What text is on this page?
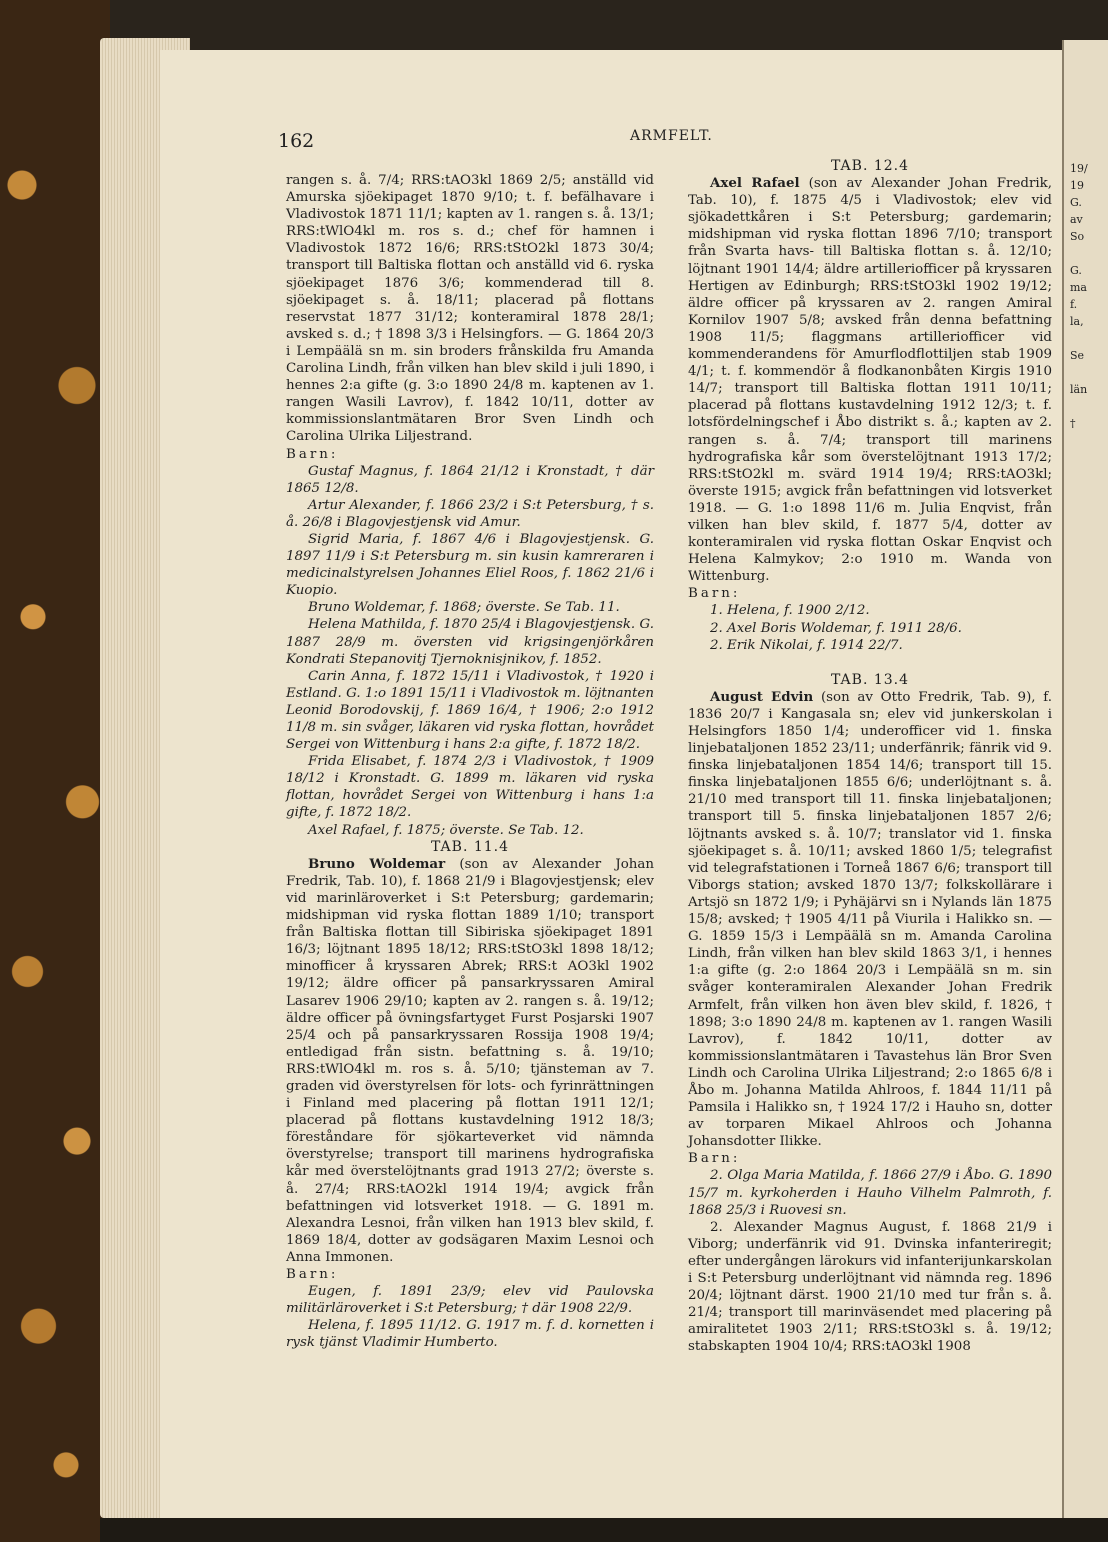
19/
19
G.
av
So

G.
ma
f.
la,

Se

län

†
162	ARMFELT.

rangen s. å. 7/4; RRS:tAO3kl 1869 2/5; anställd vid Amurska sjöekipaget 1870 9/10; t. f. befälhavare i Vladivostok 1871 11/1; kapten av 1. rangen s. å. 13/1; RRS:tWlO4kl m. ros s. d.; chef för hamnen i Vladivostok 1872 16/6; RRS:tStO2kl 1873 30/4; transport till Baltiska flottan och anställd vid 6. ryska sjöekipaget 1876 3/6; kommenderad till 8. sjöekipaget s. å. 18/11; placerad på flottans reservstat 1877 31/12; konteramiral 1878 28/1; avsked s. d.; † 1898 3/3 i Helsingfors. — G. 1864 20/3 i Lempäälä sn m. sin broders frånskilda fru Amanda Carolina Lindh, från vilken han blev skild i juli 1890, i hennes 2:a gifte (g. 3:o 1890 24/8 m. kaptenen av 1. rangen Wasili Lavrov), f. 1842 10/11, dotter av kommissionslantmätaren Bror Sven Lindh och Carolina Ulrika Liljestrand.

Barn:

Gustaf Magnus, f. 1864 21/12 i Kronstadt, † där 1865 12/8.

Artur Alexander, f. 1866 23/2 i S:t Petersburg, † s. å. 26/8 i Blagovjestjensk vid Amur.

Sigrid Maria, f. 1867 4/6 i Blagovjestjensk. G. 1897 11/9 i S:t Petersburg m. sin kusin kamreraren i medicinalstyrelsen Johannes Eliel Roos, f. 1862 21/6 i Kuopio.

Bruno Woldemar, f. 1868; överste. Se Tab. 11.

Helena Mathilda, f. 1870 25/4 i Blagovjestjensk. G. 1887 28/9 m. översten vid krigsingenjörkåren Kondrati Stepanovitj Tjernoknisjnikov, f. 1852.

Carin Anna, f. 1872 15/11 i Vladivostok, † 1920 i Estland. G. 1:o 1891 15/11 i Vladivostok m. löjtnanten Leonid Borodovskij, f. 1869 16/4, † 1906; 2:o 1912 11/8 m. sin svåger, läkaren vid ryska flottan, hovrådet Sergei von Wittenburg i hans 2:a gifte, f. 1872 18/2.

Frida Elisabet, f. 1874 2/3 i Vladivostok, † 1909 18/12 i Kronstadt. G. 1899 m. läkaren vid ryska flottan, hovrådet Sergei von Wittenburg i hans 1:a gifte, f. 1872 18/2.

Axel Rafael, f. 1875; överste. Se Tab. 12.

TAB. 11.4

Bruno Woldemar (son av Alexander Johan Fredrik, Tab. 10), f. 1868 21/9 i Blagovjestjensk; elev vid marinläroverket i S:t Petersburg; gardemarin; midshipman vid ryska flottan 1889 1/10; transport från Baltiska flottan till Sibiriska sjöekipaget 1891 16/3; löjtnant 1895 18/12; RRS:tStO3kl 1898 18/12; minofficer å kryssaren Abrek; RRS:t AO3kl 1902 19/12; äldre officer på pansarkryssaren Amiral Lasarev 1906 29/10; kapten av 2. rangen s. å. 19/12; äldre officer på övningsfartyget Furst Posjarski 1907 25/4 och på pansarkryssaren Rossija 1908 19/4; entledigad från sistn. befattning s. å. 19/10; RRS:tWlO4kl m. ros s. å. 5/10; tjänsteman av 7. graden vid överstyrelsen för lots- och fyrinrättningen i Finland med placering på flottan 1911 12/1; placerad på flottans kustavdelning 1912 18/3; föreståndare för sjökarteverket vid nämnda överstyrelse; transport till marinens hydrografiska kår med överstelöjtnants grad 1913 27/2; överste s. å. 27/4; RRS:tAO2kl 1914 19/4; avgick från befattningen vid lotsverket 1918. — G. 1891 m. Alexandra Lesnoi, från vilken han 1913 blev skild, f. 1869 18/4, dotter av godsägaren Maxim Lesnoi och Anna Immonen.

Barn:

Eugen, f. 1891 23/9; elev vid Paulovska militärläroverket i S:t Petersburg; † där 1908 22/9.

Helena, f. 1895 11/12. G. 1917 m. f. d. kornetten i rysk tjänst Vladimir Humberto.

TAB. 12.4

Axel Rafael (son av Alexander Johan Fredrik, Tab. 10), f. 1875 4/5 i Vladivostok; elev vid sjökadettkåren i S:t Petersburg; gardemarin; midshipman vid ryska flottan 1896 7/10; transport från Svarta havs- till Baltiska flottan s. å. 12/10; löjtnant 1901 14/4; äldre artilleriofficer på kryssaren Hertigen av Edinburgh; RRS:tStO3kl 1902 19/12; äldre officer på kryssaren av 2. rangen Amiral Kornilov 1907 5/8; avsked från denna befattning 1908 11/5; flaggmans artilleriofficer vid kommenderandens för Amurflodflottiljen stab 1909 4/1; t. f. kommendör å flodkanonbåten Kirgis 1910 14/7; transport till Baltiska flottan 1911 10/11; placerad på flottans kustavdelning 1912 12/3; t. f. lotsfördelningschef i Åbo distrikt s. å.; kapten av 2. rangen s. å. 7/4; transport till marinens hydrografiska kår som överstelöjtnant 1913 17/2; RRS:tStO2kl m. svärd 1914 19/4; RRS:tAO3kl; överste 1915; avgick från befattningen vid lotsverket 1918. — G. 1:o 1898 11/6 m. Julia Enqvist, från vilken han blev skild, f. 1877 5/4, dotter av konteramiralen vid ryska flottan Oskar Enqvist och Helena Kalmykov; 2:o 1910 m. Wanda von Wittenburg.

Barn:

1. Helena, f. 1900 2/12.

2. Axel Boris Woldemar, f. 1911 28/6.

2. Erik Nikolai, f. 1914 22/7.

TAB. 13.4

August Edvin (son av Otto Fredrik, Tab. 9), f. 1836 20/7 i Kangasala sn; elev vid junkerskolan i Helsingfors 1850 1/4; underofficer vid 1. finska linjebataljonen 1852 23/11; underfänrik; fänrik vid 9. finska linjebataljonen 1854 14/6; transport till 15. finska linjebataljonen 1855 6/6; underlöjtnant s. å. 21/10 med transport till 11. finska linjebataljonen; transport till 5. finska linjebataljonen 1857 2/6; löjtnants avsked s. å. 10/7; translator vid 1. finska sjöekipaget s. å. 10/11; avsked 1860 1/5; telegrafist vid telegrafstationen i Torneå 1867 6/6; transport till Viborgs station; avsked 1870 13/7; folkskollärare i Artsjö sn 1872 1/9; i Pyhäjärvi sn i Nylands län 1875 15/8; avsked; † 1905 4/11 på Viurila i Halikko sn. — G. 1859 15/3 i Lempäälä sn m. Amanda Carolina Lindh, från vilken han blev skild 1863 3/1, i hennes 1:a gifte (g. 2:o 1864 20/3 i Lempäälä sn m. sin svåger konteramiralen Alexander Johan Fredrik Armfelt, från vilken hon även blev skild, f. 1826, † 1898; 3:o 1890 24/8 m. kaptenen av 1. rangen Wasili Lavrov), f. 1842 10/11, dotter av kommissionslantmätaren i Tavastehus län Bror Sven Lindh och Carolina Ulrika Liljestrand; 2:o 1865 6/8 i Åbo m. Johanna Matilda Ahlroos, f. 1844 11/11 på Pamsila i Halikko sn, † 1924 17/2 i Hauho sn, dotter av torparen Mikael Ahlroos och Johanna Johansdotter Ilikke.

Barn:

2. Olga Maria Matilda, f. 1866 27/9 i Åbo. G. 1890 15/7 m. kyrkoherden i Hauho Vilhelm Palmroth, f. 1868 25/3 i Ruovesi sn.

2. Alexander Magnus August, f. 1868 21/9 i Viborg; underfänrik vid 91. Dvinska infanteriregit; efter undergången lärokurs vid infanterijunkarskolan i S:t Petersburg underlöjtnant vid nämnda reg. 1896 20/4; löjtnant därst. 1900 21/10 med tur från s. å. 21/4; transport till marinväsendet med placering på amiralitetet 1903 2/11; RRS:tStO3kl s. å. 19/12; stabskapten 1904 10/4; RRS:tAO3kl 1908
